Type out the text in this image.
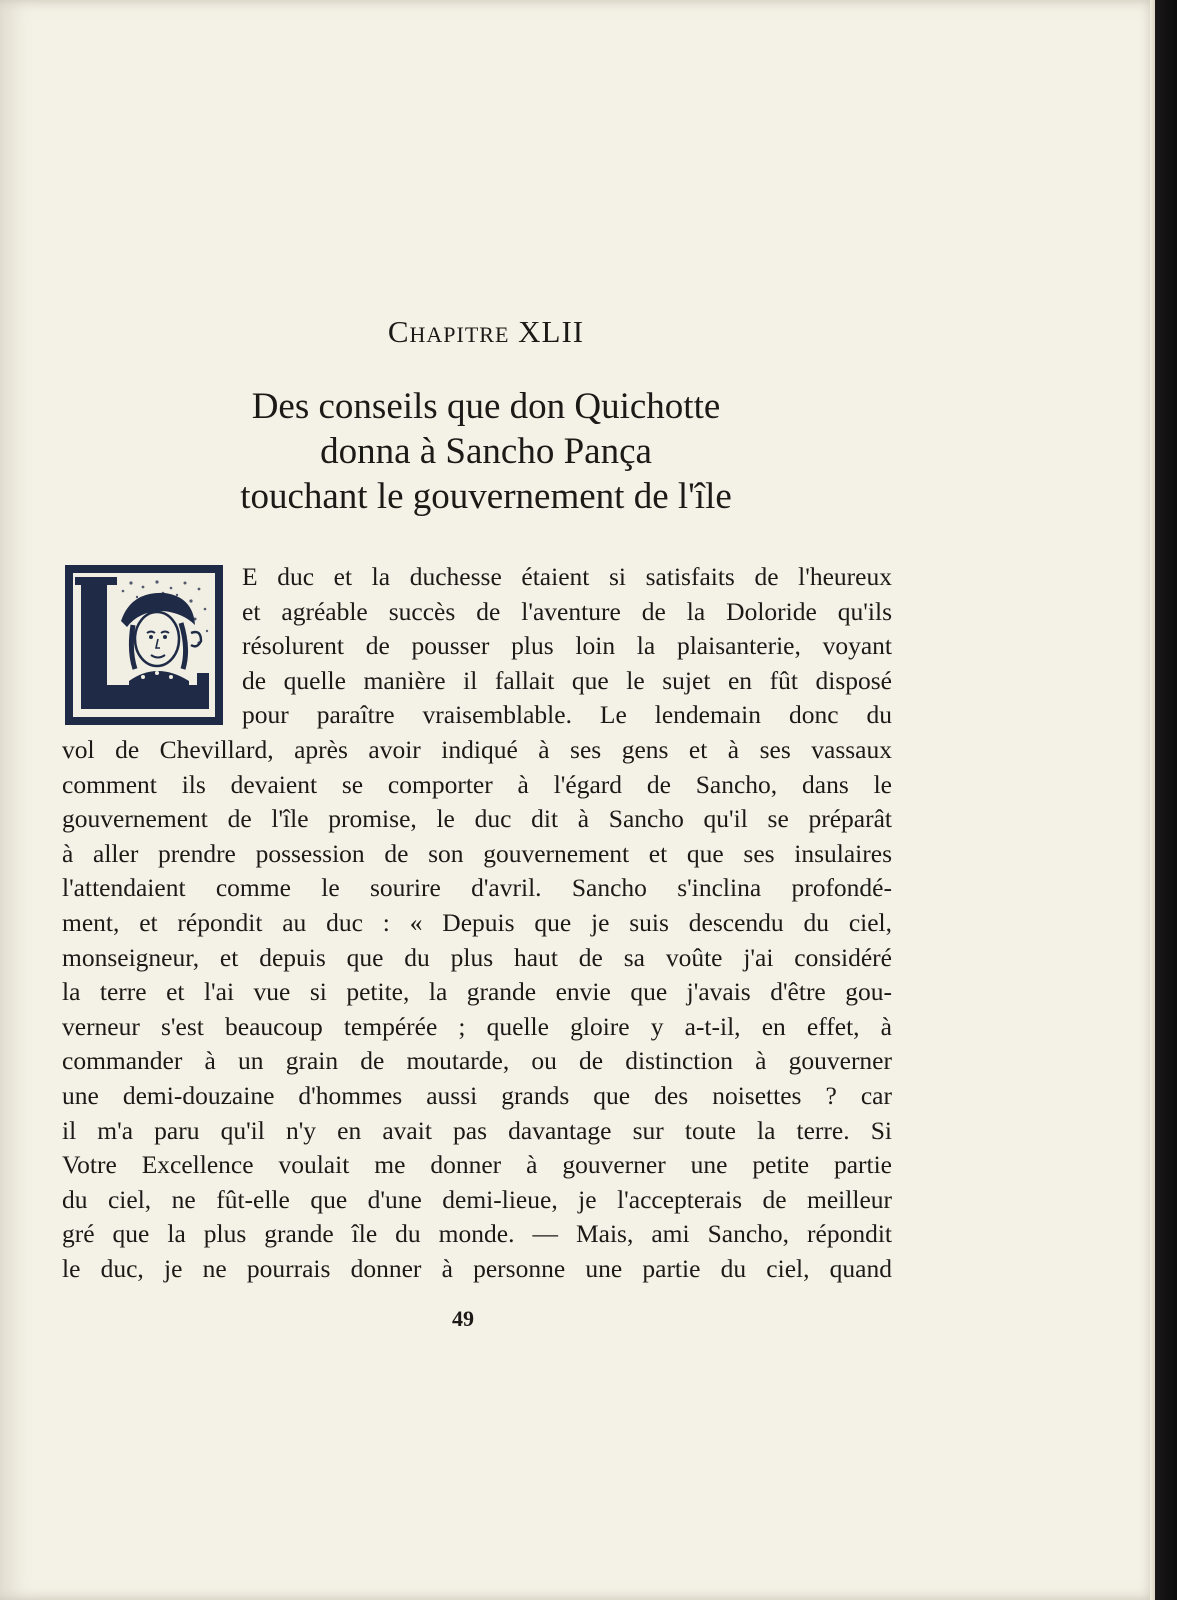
Chapitre XLII
Des conseils que don Quichotte
donna à Sancho Pança
touchant le gouvernement de l'île
E duc et la duchesse étaient si satisfaits de l'heureux
et agréable succès de l'aventure de la Doloride qu'ils
résolurent de pousser plus loin la plaisanterie, voyant
de quelle manière il fallait que le sujet en fût disposé
pour paraître vraisemblable. Le lendemain donc du
vol de Chevillard, après avoir indiqué à ses gens et à ses vassaux
comment ils devaient se comporter à l'égard de Sancho, dans le
gouvernement de l'île promise, le duc dit à Sancho qu'il se préparât
à aller prendre possession de son gouvernement et que ses insulaires
l'attendaient comme le sourire d'avril. Sancho s'inclina profondé-
ment, et répondit au duc : « Depuis que je suis descendu du ciel,
monseigneur, et depuis que du plus haut de sa voûte j'ai considéré
la terre et l'ai vue si petite, la grande envie que j'avais d'être gou-
verneur s'est beaucoup tempérée ; quelle gloire y a-t-il, en effet, à
commander à un grain de moutarde, ou de distinction à gouverner
une demi-douzaine d'hommes aussi grands que des noisettes ? car
il m'a paru qu'il n'y en avait pas davantage sur toute la terre. Si
Votre Excellence voulait me donner à gouverner une petite partie
du ciel, ne fût-elle que d'une demi-lieue, je l'accepterais de meilleur
gré que la plus grande île du monde. — Mais, ami Sancho, répondit
le duc, je ne pourrais donner à personne une partie du ciel, quand
49
